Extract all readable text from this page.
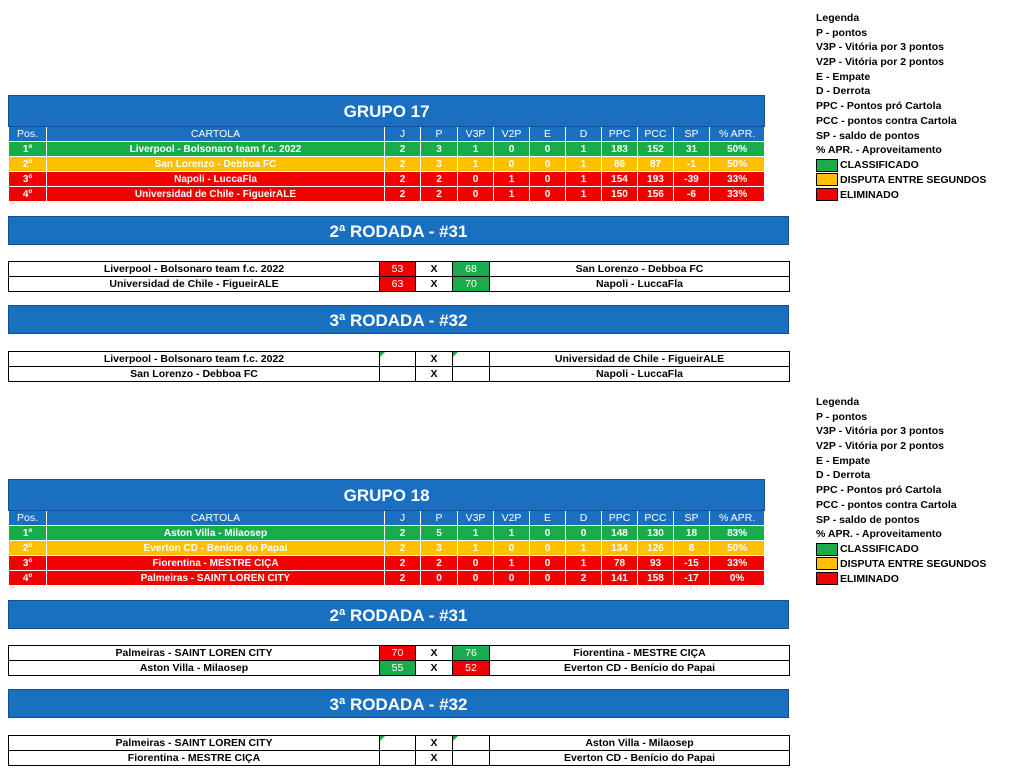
GRUPO 17											
Pos.	CARTOLA	J	P	V3P	V2P	E	D	PPC	PCC	SP	% APR.
1º	Liverpool - Bolsonaro team f.c. 2022	2	3	1	0	0	1	183	152	31	50%
2º	San Lorenzo - Debboa FC	2	3	1	0	0	1	86	87	-1	50%
3º	Napoli - LuccaFla	2	2	0	1	0	1	154	193	-39	33%
4º	Universidad de Chile - FigueirALE	2	2	0	1	0	1	150	156	-6	33%
2ª RODADA - #31
Liverpool - Bolsonaro team f.c. 2022	53	X	68	San Lorenzo - Debboa FC
Universidad de Chile - FigueirALE	63	X	70	Napoli - LuccaFla
3ª RODADA - #32
Liverpool - Bolsonaro team f.c. 2022		X		Universidad de Chile - FigueirALE
San Lorenzo - Debboa FC		X		Napoli - LuccaFla
GRUPO 18											
Pos.	CARTOLA	J	P	V3P	V2P	E	D	PPC	PCC	SP	% APR.
1º	Aston Villa - Milaosep	2	5	1	1	0	0	148	130	18	83%
2º	Everton CD - Benício do Papai	2	3	1	0	0	1	134	126	8	50%
3º	Fiorentina - MESTRE CIÇA	2	2	0	1	0	1	78	93	-15	33%
4º	Palmeiras - SAINT LOREN CITY	2	0	0	0	0	2	141	158	-17	0%
2ª RODADA - #31
Palmeiras - SAINT LOREN CITY	70	X	76	Fiorentina - MESTRE CIÇA
Aston Villa - Milaosep	55	X	52	Everton CD - Benício do Papai
3ª RODADA - #32
Palmeiras - SAINT LOREN CITY		X		Aston Villa - Milaosep
Fiorentina - MESTRE CIÇA		X		Everton CD - Benício do Papai
Legenda
P - pontos
V3P - Vitória por 3 pontos
V2P - Vitória por 2 pontos
E - Empate
D - Derrota
PPC - Pontos pró Cartola
PCC - pontos contra Cartola
SP - saldo de pontos
% APR. - Aproveitamento
CLASSIFICADO
DISPUTA ENTRE SEGUNDOS
ELIMINADO
Legenda
P - pontos
V3P - Vitória por 3 pontos
V2P - Vitória por 2 pontos
E - Empate
D - Derrota
PPC - Pontos pró Cartola
PCC - pontos contra Cartola
SP - saldo de pontos
% APR. - Aproveitamento
CLASSIFICADO
DISPUTA ENTRE SEGUNDOS
ELIMINADO
